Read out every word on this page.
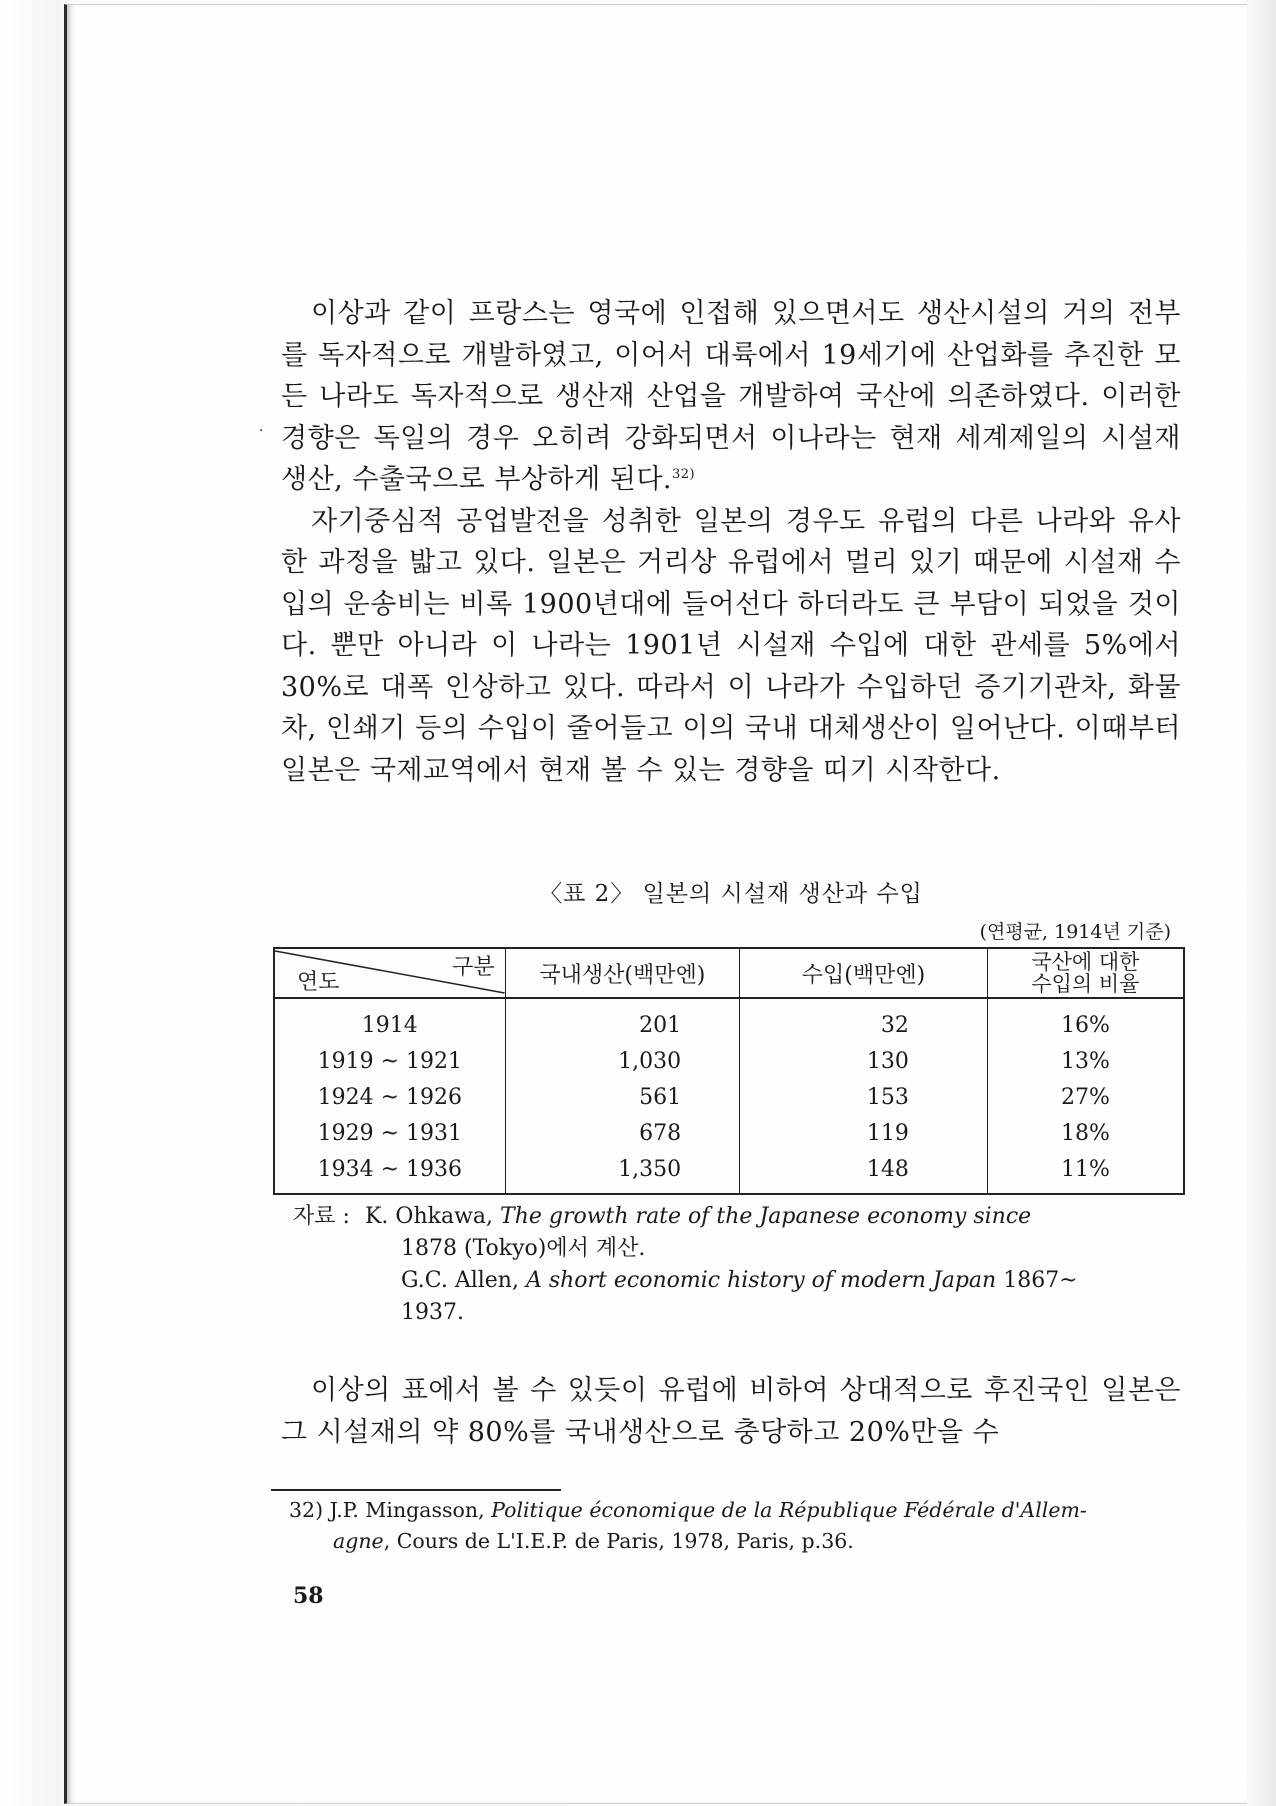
·

이상과 같이 프랑스는 영국에 인접해 있으면서도 생산시설의 거의 전부를 독자적으로 개발하였고, 이어서 대륙에서 19세기에 산업화를 추진한 모든 나라도 독자적으로 생산재 산업을 개발하여 국산에 의존하였다. 이러한 경향은 독일의 경우 오히려 강화되면서 이나라는 현재 세계제일의 시설재 생산, 수출국으로 부상하게 된다.$^{32)}$

자기중심적 공업발전을 성취한 일본의 경우도 유럽의 다른 나라와 유사한 과정을 밟고 있다. 일본은 거리상 유럽에서 멀리 있기 때문에 시설재 수입의 운송비는 비록 1900년대에 들어선다 하더라도 큰 부담이 되었을 것이다. 뿐만 아니라 이 나라는 1901년 시설재 수입에 대한 관세를 5%에서 30%로 대폭 인상하고 있다. 따라서 이 나라가 수입하던 증기기관차, 화물차, 인쇄기 등의 수입이 줄어들고 이의 국내 대체생산이 일어난다. 이때부터 일본은 국제교역에서 현재 볼 수 있는 경향을 띠기 시작한다.

〈표 2〉 일본의 시설재 생산과 수입
(연평균, 1914년 기준)
구분
연도	국내생산(백만엔)	수입(백만엔)	국산에 대한
수입의 비율

1914	201	32	16%
1919 ~ 1921	1,030	130	13%
1924 ~ 1926	561	153	27%
1929 ~ 1931	678	119	18%
1934 ~ 1936	1,350	148	11%
자료 : K. Ohkawa, The growth rate of the Japanese economy since
1878 (Tokyo)에서 계산.
G.C. Allen, A short economic history of modern Japan 1867~
1937.

이상의 표에서 볼 수 있듯이 유럽에 비하여 상대적으로 후진국인 일본은 그 시설재의 약 80%를 국내생산으로 충당하고 20%만을 수

32) J.P. Mingasson, Politique économique de la République Fédérale d'Allem-
agne, Cours de L'I.E.P. de Paris, 1978, Paris, p.36.
58
